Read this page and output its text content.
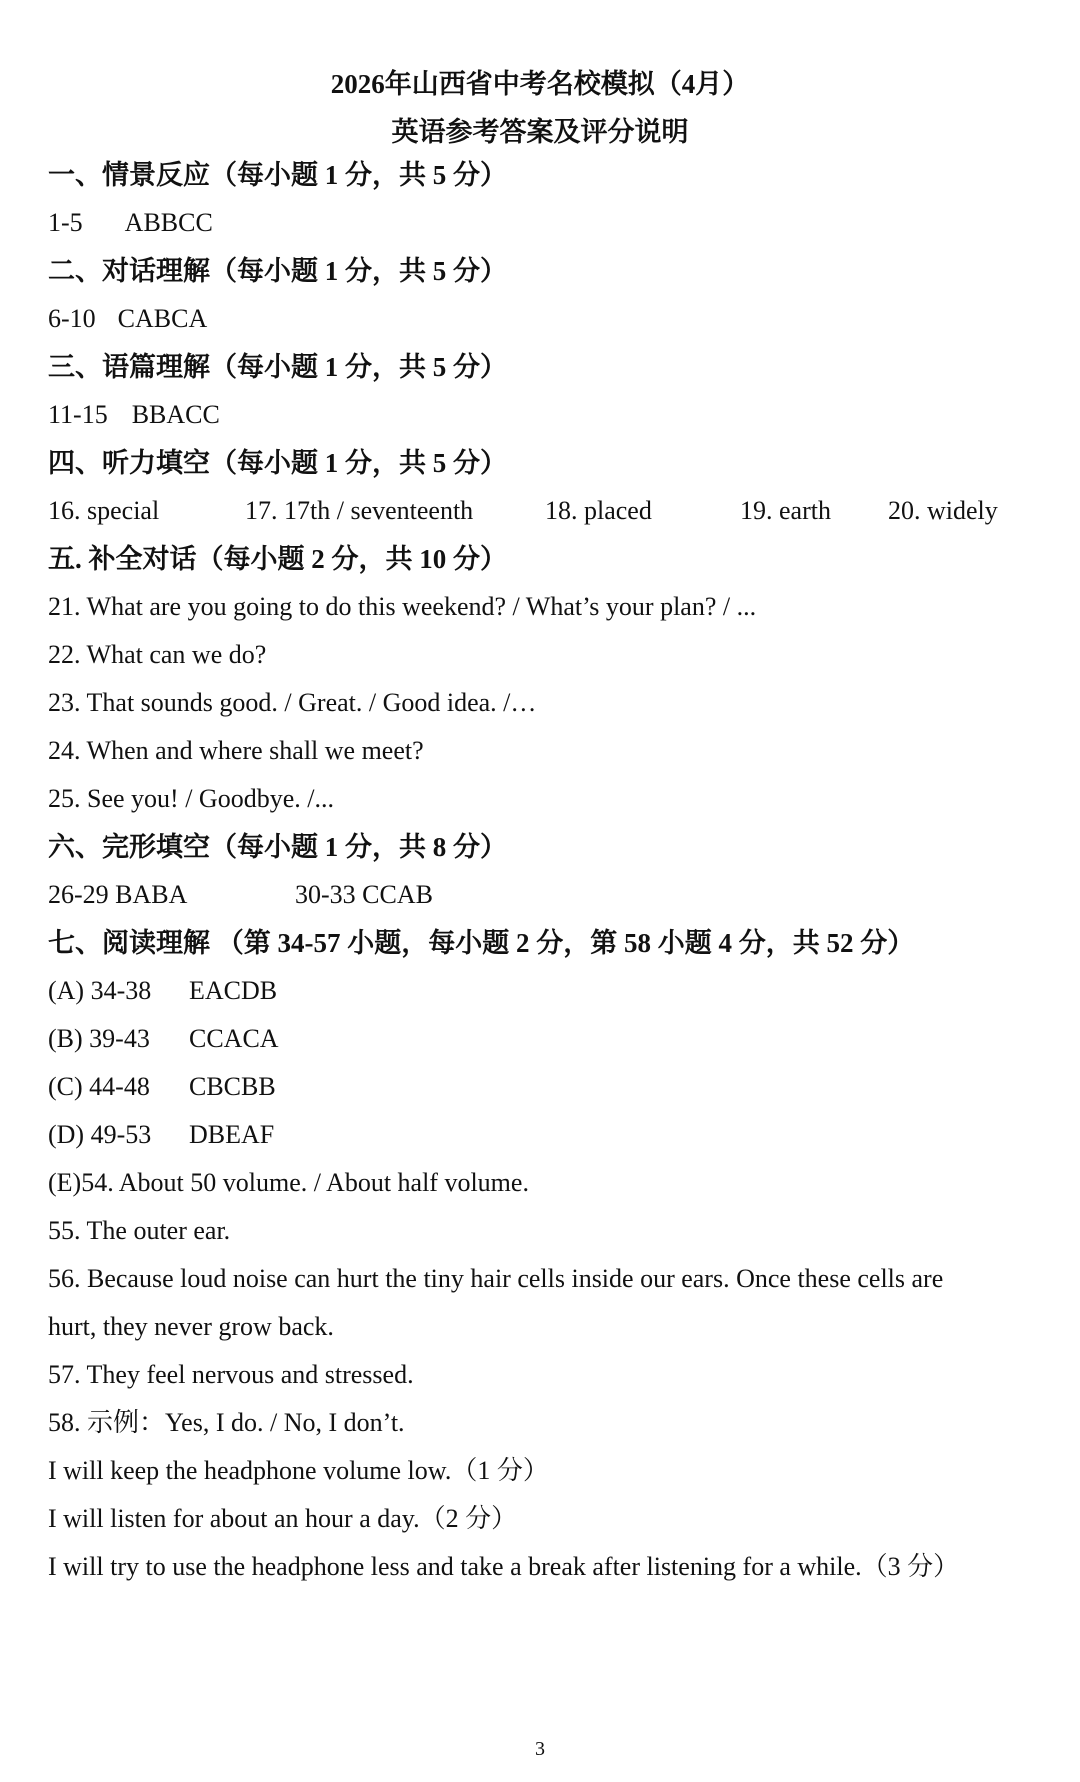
2026年山西省中考名校模拟（4月）
英语参考答案及评分说明
一、情景反应（每小题 1 分，共 5 分）
1-5 ABBCC
二、对话理解（每小题 1 分，共 5 分）
6-10 CABCA
三、语篇理解（每小题 1 分，共 5 分）
11-15 BBACC
四、听力填空（每小题 1 分，共 5 分）
16. special	17. 17th / seventeenth	18. placed	19. earth 20. widely
五. 补全对话（每小题 2 分，共 10 分）
21. What are you going to do this weekend? / What’s your plan? / ...
22. What can we do?
23. That sounds good. / Great. / Good idea. /…
24. When and where shall we meet?
25. See you! / Goodbye. /...
六、完形填空（每小题 1 分，共 8 分）
26-29 BABA	30-33 CCAB
七、阅读理解 （第 34-57 小题，每小题 2 分，第 58 小题 4 分，共 52 分）
(A) 34-38 EACDB
(B) 39-43 CCACA
(C) 44-48 CBCBB
(D) 49-53 DBEAF
(E)54. About 50 volume. / About half volume.
55. The outer ear.
56. Because loud noise can hurt the tiny hair cells inside our ears. Once these cells are
hurt, they never grow back.
57. They feel nervous and stressed.
58. 示例：Yes, I do. / No, I don’t.
I will keep the headphone volume low.（1 分）
I will listen for about an hour a day.（2 分）
I will try to use the headphone less and take a break after listening for a while.（3 分）
3
